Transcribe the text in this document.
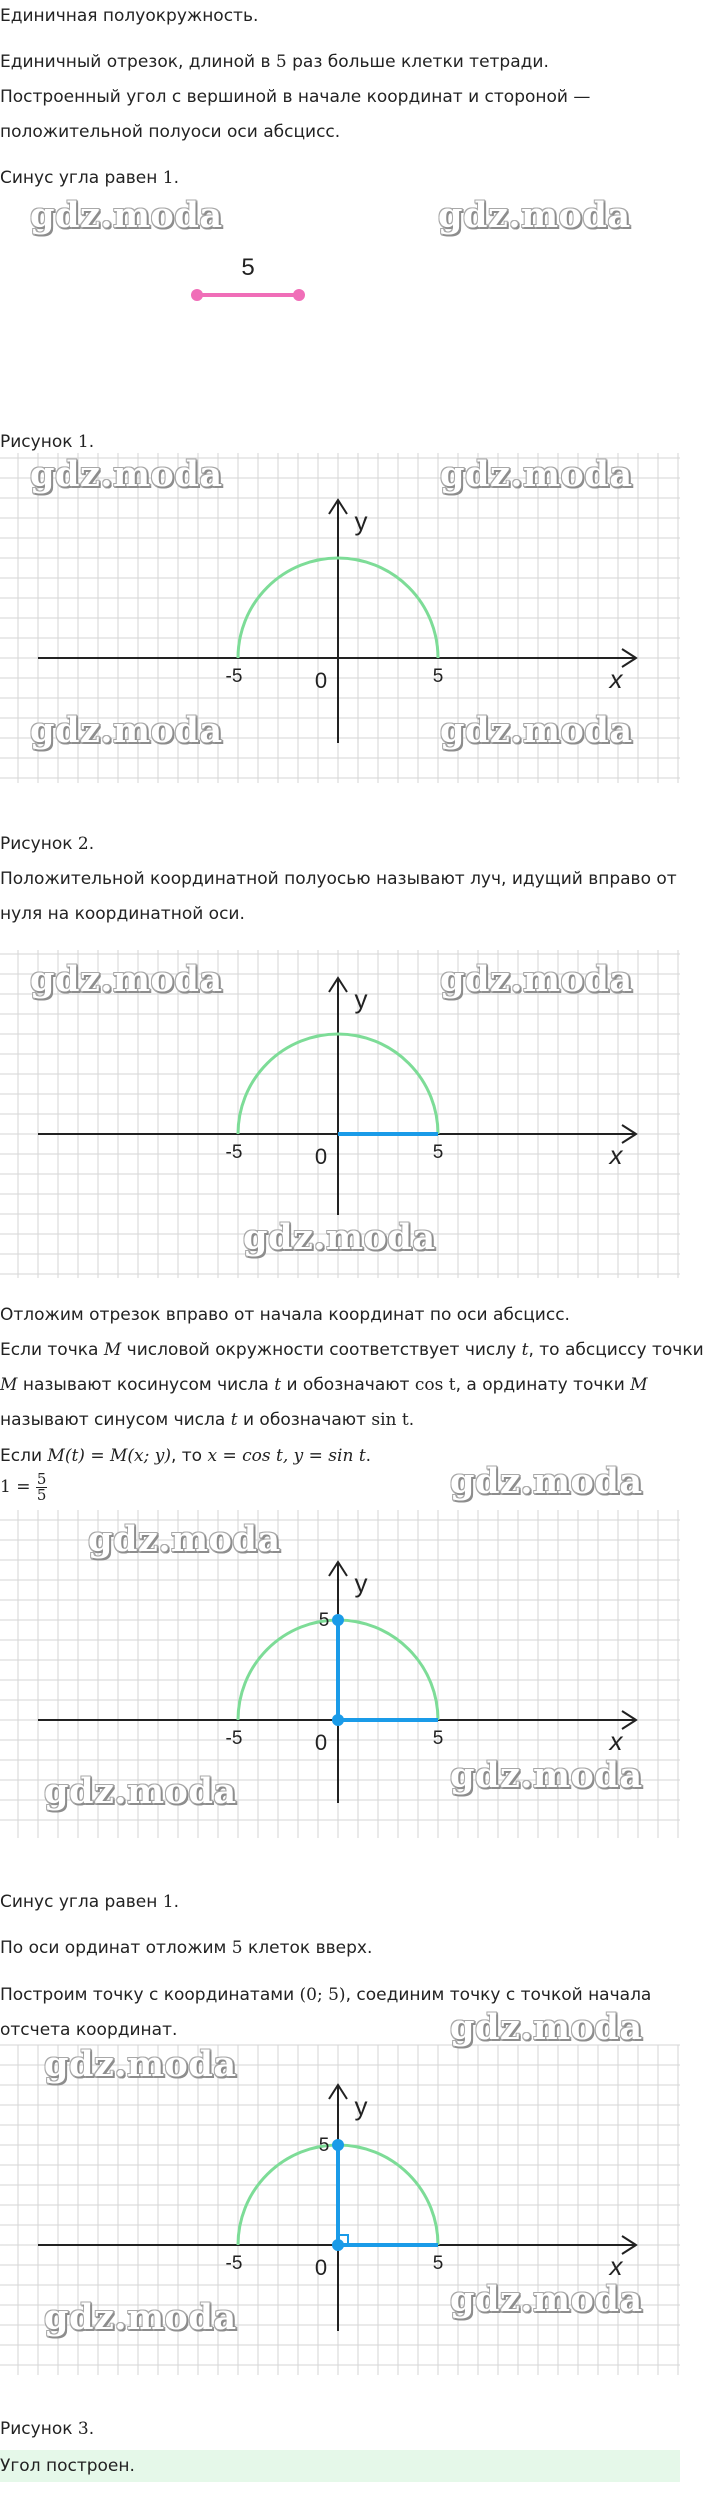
Единичная полуокружность.

Единичный отрезок, длиной в 5 раз больше клетки тетради.

Построенный угол с вершиной в начале координат и стороной —

положительной полуоси оси абсцисс.

Синус угла равен 1.

gdz.moda	gdz.moda
5

Рисунок 1.

-5	0	5	x
y
gdz.moda	gdz.moda
gdz.moda	gdz.moda

Рисунок 2.

Положительной координатной полуосью называют луч, идущий вправо от

нуля на координатной оси.

-5	0	5	x
y
gdz.moda	gdz.moda
gdz.moda

Отложим отрезок вправо от начала координат по оси абсцисс.

Если точка M числовой окружности соответствует числу t, то абсциссу точки

M называют косинусом числа t и обозначают cos t, а ординату точки M

называют синусом числа t и обозначают sin t.

Если M(t) = M(x; y), то x = cos t, y = sin t.

$1 = \frac{5}{5}$	gdz.moda
-5	0	5	x
y
5
gdz.moda
gdz.moda	gdz.moda

Синус угла равен 1.

По оси ординат отложим 5 клеток вверх.

Построим точку с координатами (0; 5), соединим точку с точкой начала

отсчета координат.	gdz.moda
-5	0	5	x
y
5
gdz.moda
gdz.moda	gdz.moda

Рисунок 3.

Угол построен.
